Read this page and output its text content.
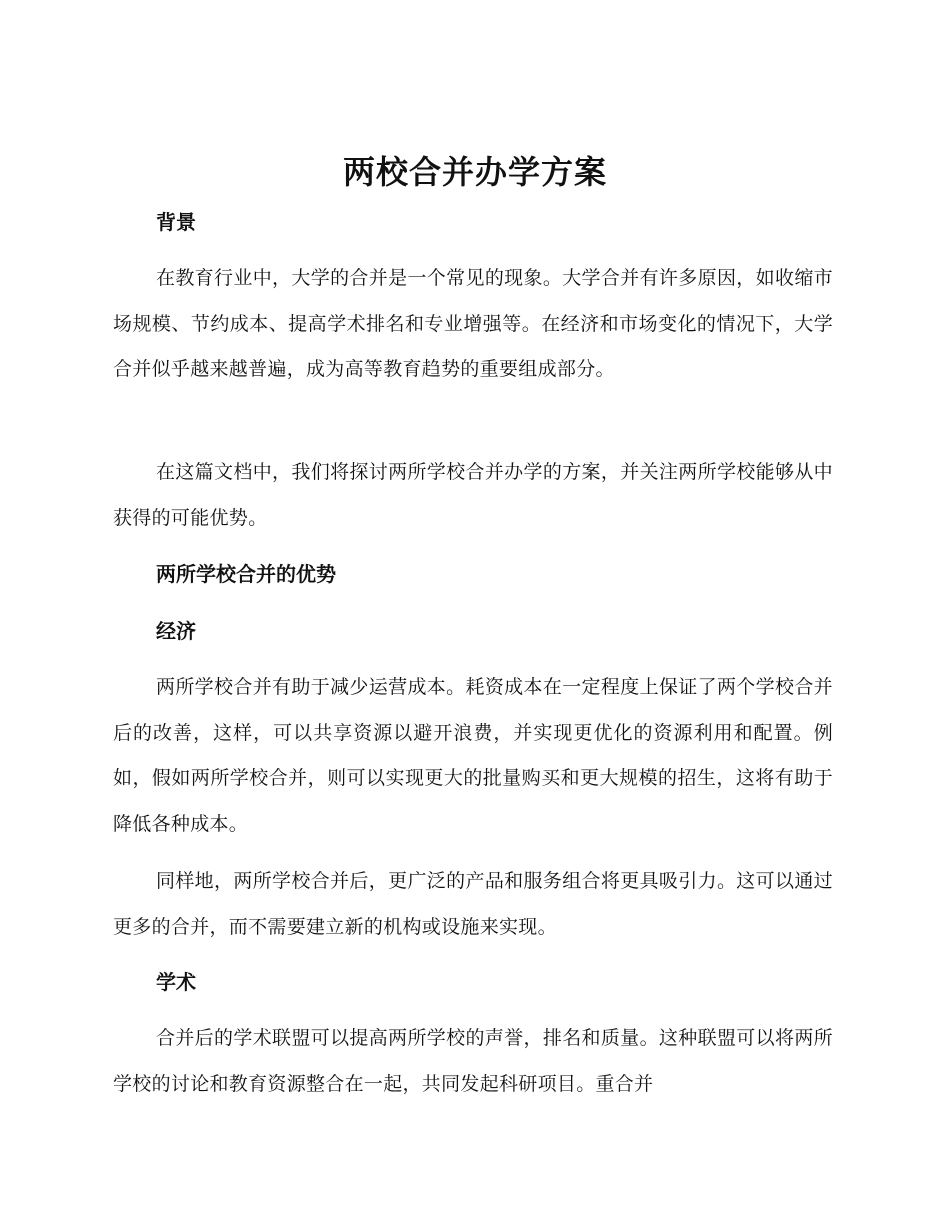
两校合并办学方案
背景

在教育行业中，大学的合并是一个常见的现象。大学合并有许多原因，如收缩市场规模、节约成本、提高学术排名和专业增强等。在经济和市场变化的情况下，大学合并似乎越来越普遍，成为高等教育趋势的重要组成部分。

在这篇文档中，我们将探讨两所学校合并办学的方案，并关注两所学校能够从中获得的可能优势。

两所学校合并的优势
经济

两所学校合并有助于减少运营成本。耗资成本在一定程度上保证了两个学校合并后的改善，这样，可以共享资源以避开浪费，并实现更优化的资源利用和配置。例如，假如两所学校合并，则可以实现更大的批量购买和更大规模的招生，这将有助于降低各种成本。

同样地，两所学校合并后，更广泛的产品和服务组合将更具吸引力。这可以通过更多的合并，而不需要建立新的机构或设施来实现。

学术

合并后的学术联盟可以提高两所学校的声誉，排名和质量。这种联盟可以将两所学校的讨论和教育资源整合在一起，共同发起科研项目。重合并
